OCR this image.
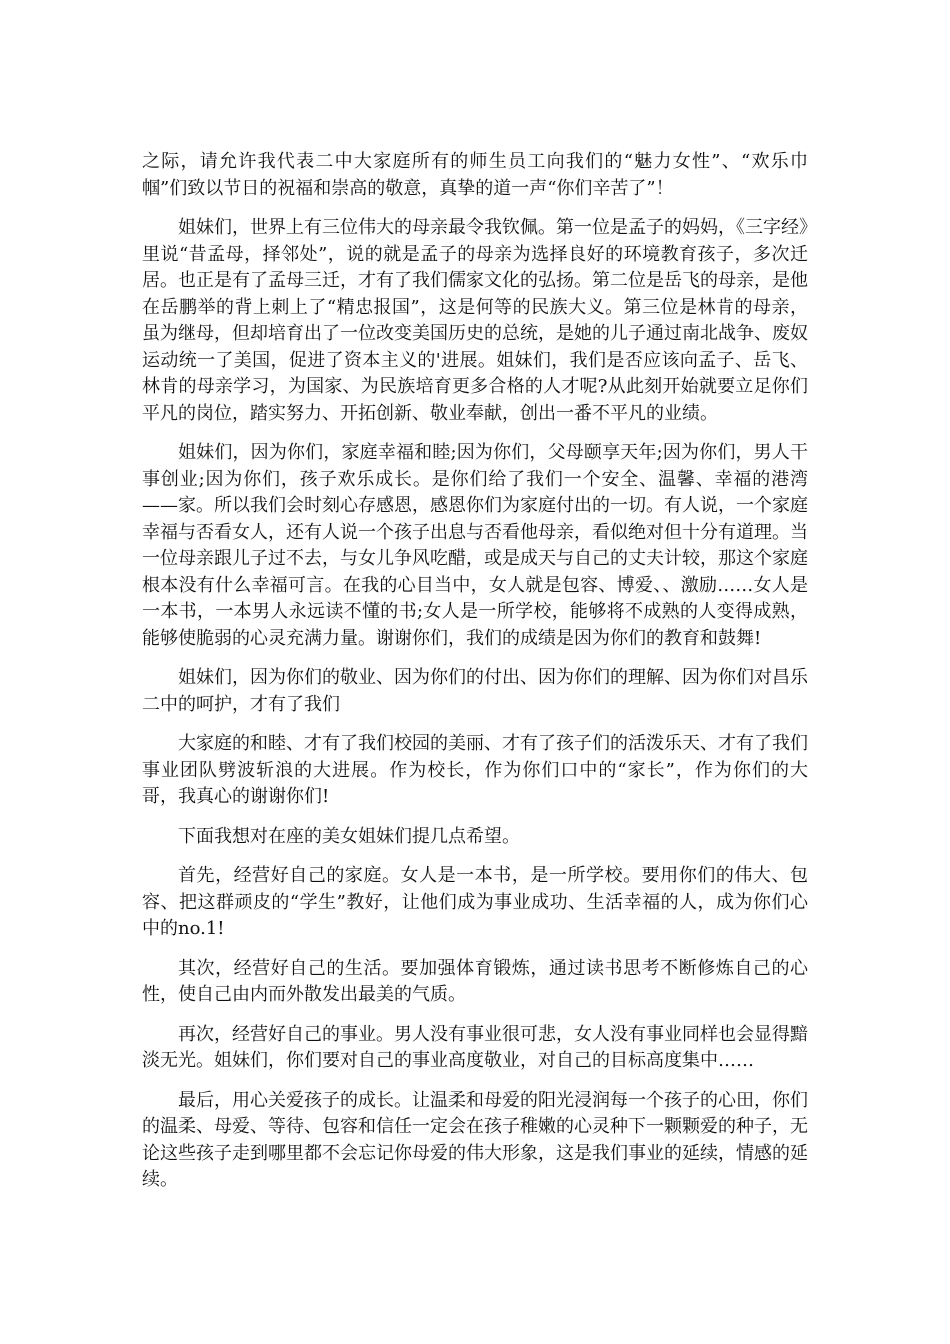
之际，请允许我代表二中大家庭所有的师生员工向我们的“魅力女性”、“欢乐巾帼”们致以节日的祝福和崇高的敬意，真挚的道一声“你们辛苦了”！

姐妹们，世界上有三位伟大的母亲最令我钦佩。第一位是孟子的妈妈，《三字经》里说“昔孟母，择邻处”，说的就是孟子的母亲为选择良好的环境教育孩子，多次迁居。也正是有了孟母三迁，才有了我们儒家文化的弘扬。第二位是岳飞的母亲，是他在岳鹏举的背上刺上了“精忠报国”，这是何等的民族大义。第三位是林肯的母亲，虽为继母，但却培育出了一位改变美国历史的总统，是她的儿子通过南北战争、废奴运动统一了美国，促进了资本主义的'进展。姐妹们，我们是否应该向孟子、岳飞、林肯的母亲学习，为国家、为民族培育更多合格的人才呢?从此刻开始就要立足你们平凡的岗位，踏实努力、开拓创新、敬业奉献，创出一番不平凡的业绩。

姐妹们，因为你们，家庭幸福和睦;因为你们，父母颐享天年;因为你们，男人干事创业;因为你们，孩子欢乐成长。是你们给了我们一个安全、温馨、幸福的港湾——家。所以我们会时刻心存感恩，感恩你们为家庭付出的一切。有人说，一个家庭幸福与否看女人，还有人说一个孩子出息与否看他母亲，看似绝对但十分有道理。当一位母亲跟儿子过不去，与女儿争风吃醋，或是成天与自己的丈夫计较，那这个家庭根本没有什么幸福可言。在我的心目当中，女人就是包容、博爱、、激励……女人是一本书，一本男人永远读不懂的书;女人是一所学校，能够将不成熟的人变得成熟，能够使脆弱的心灵充满力量。谢谢你们，我们的成绩是因为你们的教育和鼓舞!

姐妹们，因为你们的敬业、因为你们的付出、因为你们的理解、因为你们对昌乐二中的呵护，才有了我们

大家庭的和睦、才有了我们校园的美丽、才有了孩子们的活泼乐天、才有了我们事业团队劈波斩浪的大进展。作为校长，作为你们口中的“家长”，作为你们的大哥，我真心的谢谢你们!

下面我想对在座的美女姐妹们提几点希望。

首先，经营好自己的家庭。女人是一本书，是一所学校。要用你们的伟大、包容、把这群顽皮的“学生”教好，让他们成为事业成功、生活幸福的人，成为你们心中的no.1!

其次，经营好自己的生活。要加强体育锻炼，通过读书思考不断修炼自己的心性，使自己由内而外散发出最美的气质。

再次，经营好自己的事业。男人没有事业很可悲，女人没有事业同样也会显得黯淡无光。姐妹们，你们要对自己的事业高度敬业，对自己的目标高度集中……

最后，用心关爱孩子的成长。让温柔和母爱的阳光浸润每一个孩子的心田，你们的温柔、母爱、等待、包容和信任一定会在孩子稚嫩的心灵种下一颗颗爱的种子，无论这些孩子走到哪里都不会忘记你母爱的伟大形象，这是我们事业的延续，情感的延续。
